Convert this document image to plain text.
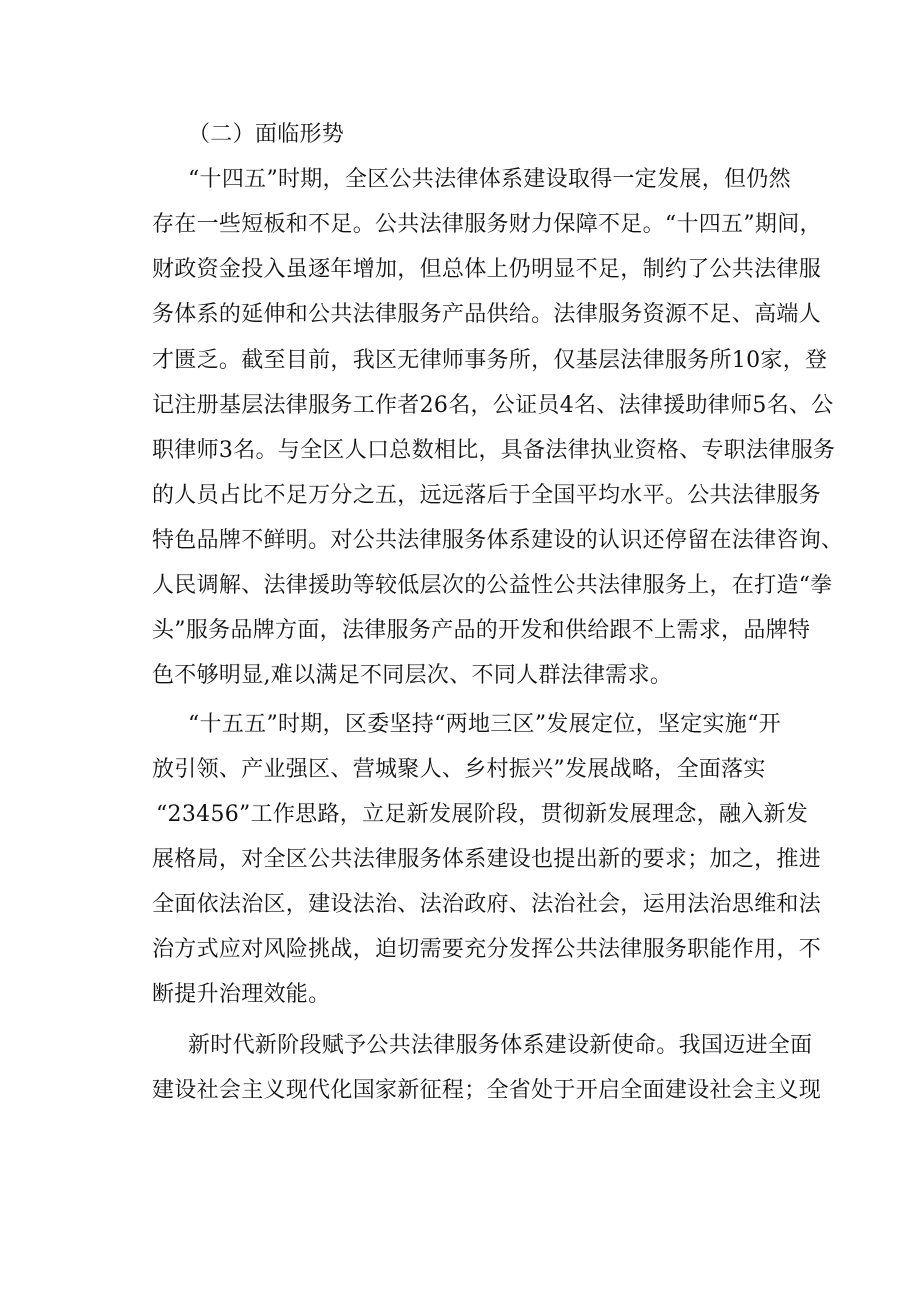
（二）面临形势
“十四五”时期，全区公共法律体系建设取得一定发展，但仍然
存在一些短板和不足。公共法律服务财力保障不足。“十四五”期间，
财政资金投入虽逐年增加，但总体上仍明显不足，制约了公共法律服
务体系的延伸和公共法律服务产品供给。法律服务资源不足、高端人
才匮乏。截至目前，我区无律师事务所，仅基层法律服务所10家，登
记注册基层法律服务工作者26名，公证员4名、法律援助律师5名、公
职律师3名。与全区人口总数相比，具备法律执业资格、专职法律服务
的人员占比不足万分之五，远远落后于全国平均水平。公共法律服务
特色品牌不鲜明。对公共法律服务体系建设的认识还停留在法律咨询、
人民调解、法律援助等较低层次的公益性公共法律服务上，在打造“拳
头”服务品牌方面，法律服务产品的开发和供给跟不上需求，品牌特
色不够明显,难以满足不同层次、不同人群法律需求。
“十五五”时期，区委坚持“两地三区”发展定位，坚定实施“开
放引领、产业强区、营城聚人、乡村振兴”发展战略，全面落实
“23456”工作思路，立足新发展阶段，贯彻新发展理念，融入新发
展格局，对全区公共法律服务体系建设也提出新的要求；加之，推进
全面依法治区，建设法治、法治政府、法治社会，运用法治思维和法
治方式应对风险挑战，迫切需要充分发挥公共法律服务职能作用，不
断提升治理效能。
新时代新阶段赋予公共法律服务体系建设新使命。我国迈进全面
建设社会主义现代化国家新征程；全省处于开启全面建设社会主义现
